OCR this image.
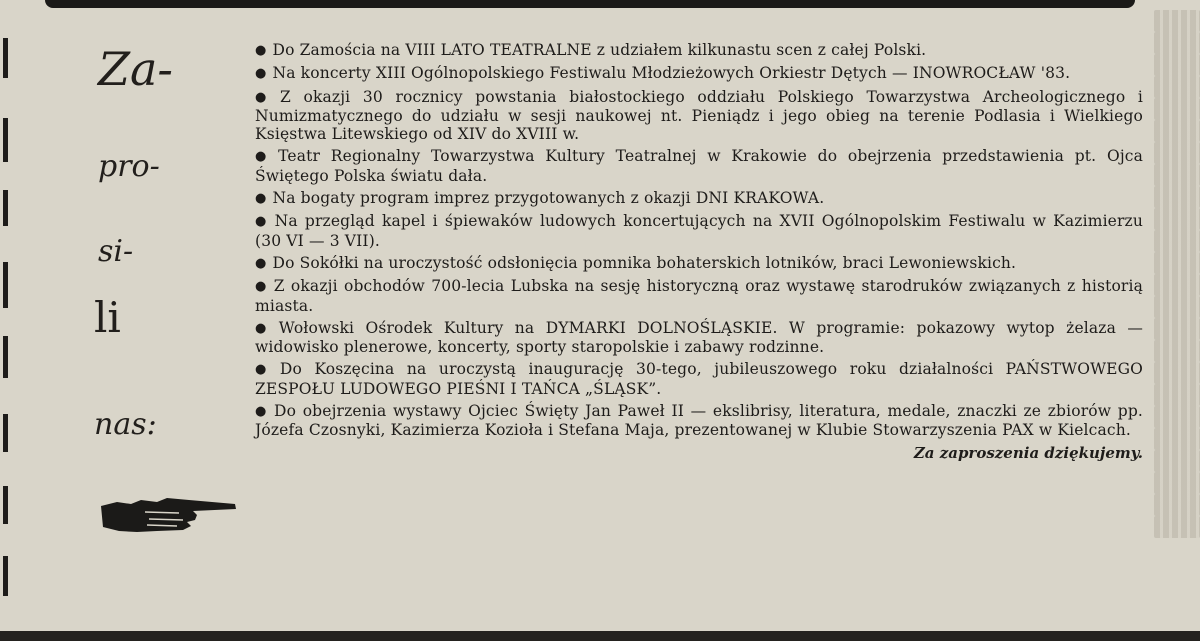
Za-
pro-
si-
li
nas:

● Do Zamościa na VIII LATO TEATRALNE z udziałem kilkunastu scen z całej Polski.

● Na koncerty XIII Ogólnopolskiego Festiwalu Młodzieżowych Orkiestr Dętych — INOWROCŁAW '83.

● Z okazji 30 rocznicy powstania białostockiego oddziału Polskiego Towarzystwa Archeologicznego i Numizmatycznego do udziału w sesji naukowej nt. Pieniądz i jego obieg na terenie Podlasia i Wielkiego Księstwa Litewskiego od XIV do XVIII w.

● Teatr Regionalny Towarzystwa Kultury Teatralnej w Krakowie do obejrzenia przedstawienia pt. Ojca Świętego Polska światu dała.

● Na bogaty program imprez przygotowanych z okazji DNI KRAKOWA.

● Na przegląd kapel i śpiewaków ludowych koncertujących na XVII Ogólnopolskim Festiwalu w Kazimierzu (30 VI — 3 VII).

● Do Sokółki na uroczystość odsłonięcia pomnika bohaterskich lotników, braci Lewoniewskich.

● Z okazji obchodów 700-lecia Lubska na sesję historyczną oraz wystawę starodruków związanych z historią miasta.

● Wołowski Ośrodek Kultury na DYMARKI DOLNOŚLĄSKIE. W programie: pokazowy wytop żelaza — widowisko plenerowe, koncerty, sporty staropolskie i zabawy rodzinne.

● Do Koszęcina na uroczystą inaugurację 30-tego, jubileuszowego roku działalności PAŃSTWOWEGO ZESPOŁU LUDOWEGO PIEŚNI I TAŃCA „ŚLĄSK”.

● Do obejrzenia wystawy Ojciec Święty Jan Paweł II — ekslibrisy, literatura, medale, znaczki ze zbiorów pp. Józefa Czosnyki, Kazimierza Kozioła i Stefana Maja, prezentowanej w Klubie Stowarzyszenia PAX w Kielcach.

Za zaproszenia dziękujemy.
